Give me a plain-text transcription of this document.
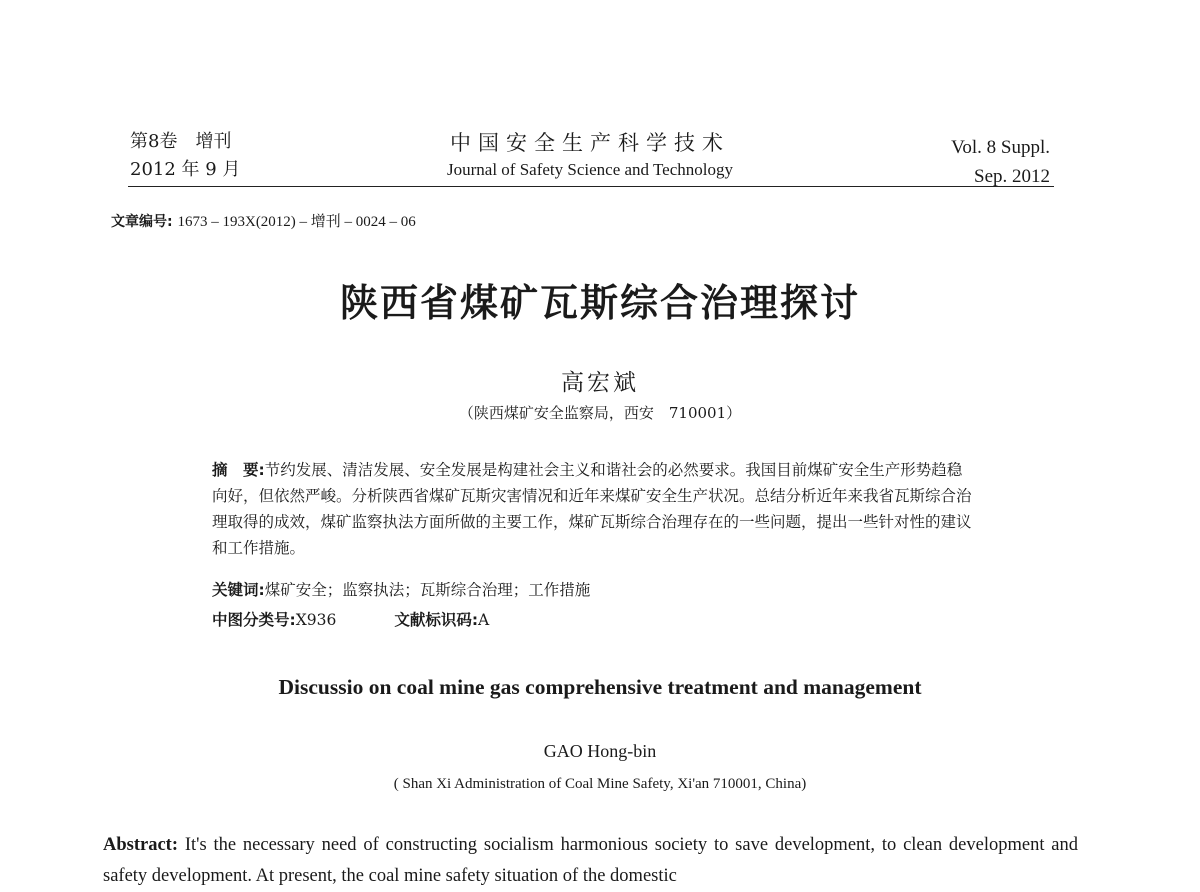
第8卷　增刊
2012 年 9 月
中国安全生产科学技术
Journal of Safety Science and Technology
Vol. 8 Suppl.
Sep. 2012
文章编号: 1673 – 193X(2012) – 增刊 – 0024 – 06
陕西省煤矿瓦斯综合治理探讨
高宏斌
（陕西煤矿安全监察局，西安　710001）
摘　要:节约发展、清洁发展、安全发展是构建社会主义和谐社会的必然要求。我国目前煤矿安全生产形势趋稳向好，但依然严峻。分析陕西省煤矿瓦斯灾害情况和近年来煤矿安全生产状况。总结分析近年来我省瓦斯综合治理取得的成效，煤矿监察执法方面所做的主要工作，煤矿瓦斯综合治理存在的一些问题，提出一些针对性的建议和工作措施。
关键词:煤矿安全；监察执法；瓦斯综合治理；工作措施
中图分类号:X936	文献标识码:A
Discussio on coal mine gas comprehensive treatment and management
GAO Hong-bin
( Shan Xi Administration of Coal Mine Safety, Xi'an 710001, China)
Abstract: It's the necessary need of constructing socialism harmonious society to save development, to clean development and safety development. At present, the coal mine safety situation of the domestic
